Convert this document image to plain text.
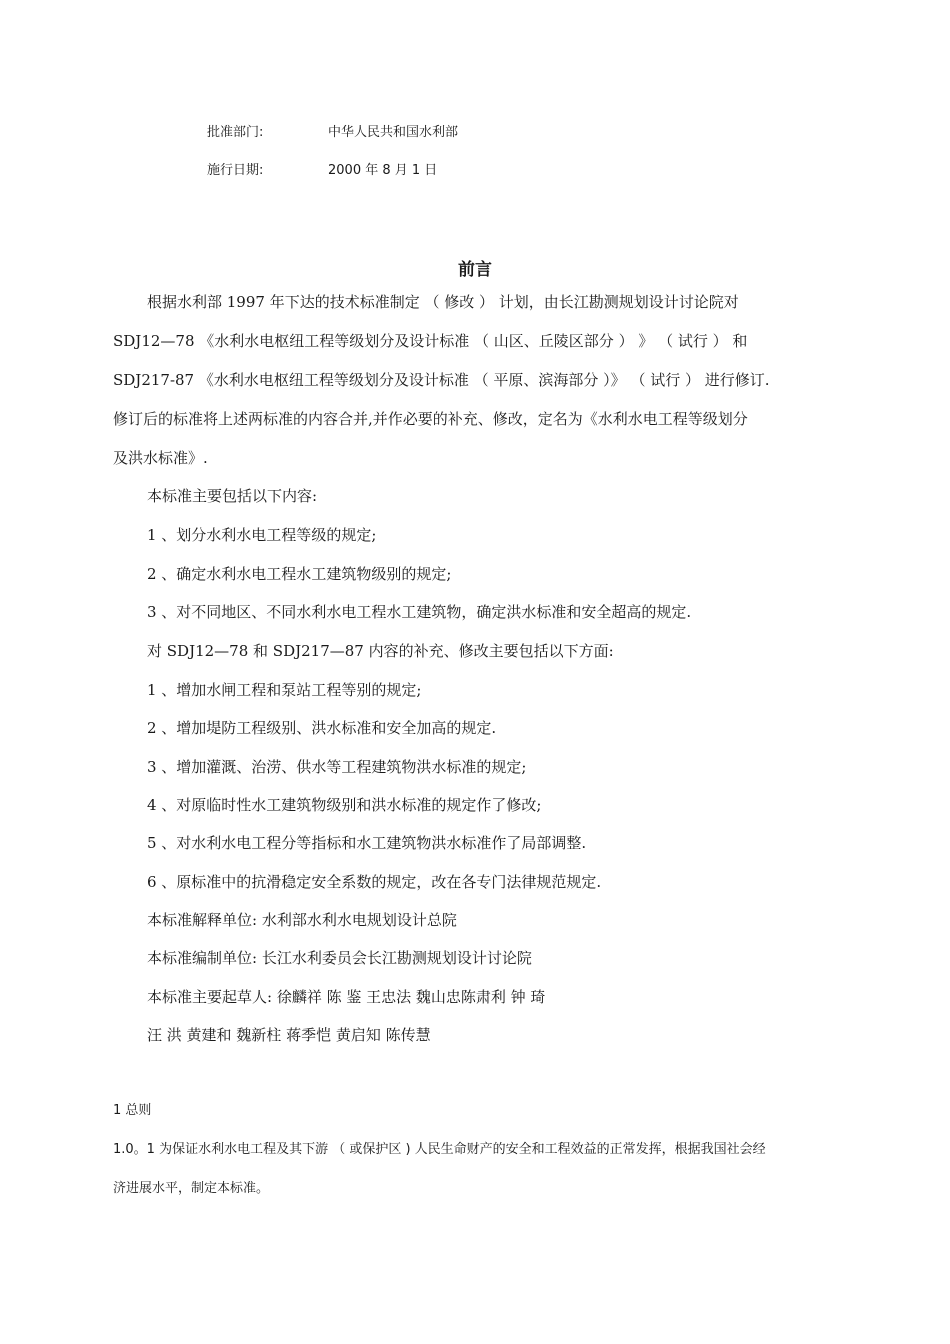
批准部门:	中华人民共和国水利部
施行日期:	2000 年 8 月 1 日
前言
根据水利部 1997 年下达的技术标准制定 （ 修改 ） 计划，由长江勘测规划设计讨论院对
SDJ12—78 《水利水电枢纽工程等级划分及设计标准 （ 山区、丘陵区部分 ） 》 （ 试行 ） 和
SDJ217-87 《水利水电枢纽工程等级划分及设计标准 （ 平原、滨海部分 ）》 （ 试行 ） 进行修订.
修订后的标准将上述两标准的内容合并,并作必要的补充、修改，定名为《水利水电工程等级划分
及洪水标准》.
本标准主要包括以下内容:
1 、划分水利水电工程等级的规定;
2 、确定水利水电工程水工建筑物级别的规定;
3 、对不同地区、不同水利水电工程水工建筑物，确定洪水标准和安全超高的规定.
对 SDJ12—78 和 SDJ217—87 内容的补充、修改主要包括以下方面:
1 、增加水闸工程和泵站工程等别的规定;
2 、增加堤防工程级别、洪水标准和安全加高的规定.
3 、增加灌溉、治涝、供水等工程建筑物洪水标准的规定;
4 、对原临时性水工建筑物级别和洪水标准的规定作了修改;
5 、对水利水电工程分等指标和水工建筑物洪水标准作了局部调整.
6 、原标准中的抗滑稳定安全系数的规定，改在各专门法律规范规定.
本标准解释单位: 水利部水利水电规划设计总院
本标准编制单位: 长江水利委员会长江勘测规划设计讨论院
本标准主要起草人: 徐麟祥 陈 鉴 王忠法 魏山忠陈肃利 钟 琦
汪 洪 黄建和 魏新柱 蒋季恺 黄启知 陈传慧
1 总则
1.0。1 为保证水利水电工程及其下游 （ 或保护区 ) 人民生命财产的安全和工程效益的正常发挥，根据我国社会经
济进展水平，制定本标准。
